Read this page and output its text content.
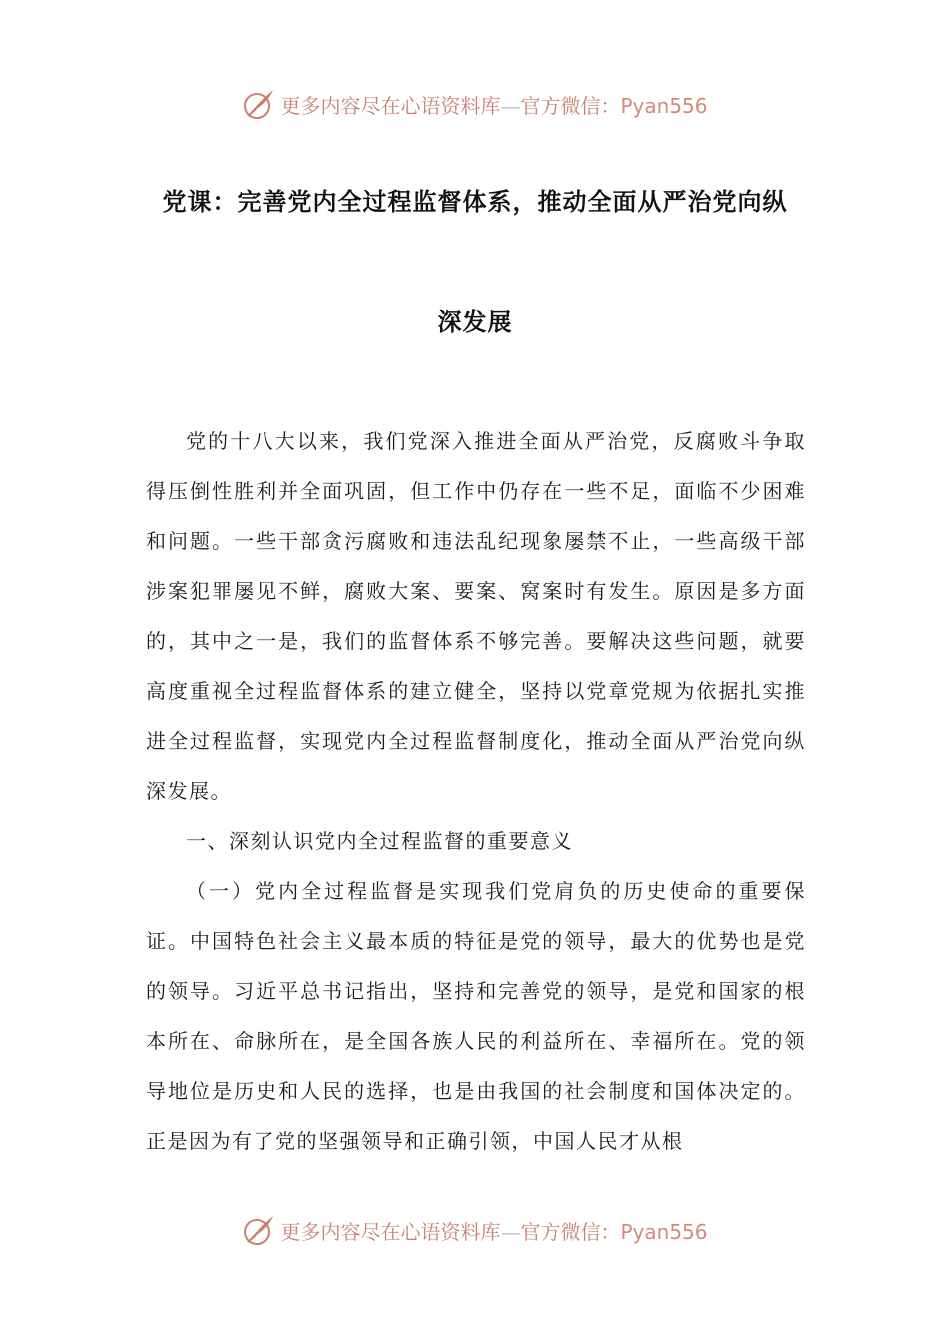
更多内容尽在心语资料库—官方微信：Pyan556
党课：完善党内全过程监督体系，推动全面从严治党向纵
深发展

党的十八大以来，我们党深入推进全面从严治党，反腐败斗争取得压倒性胜利并全面巩固，但工作中仍存在一些不足，面临不少困难和问题。一些干部贪污腐败和违法乱纪现象屡禁不止，一些高级干部涉案犯罪屡见不鲜，腐败大案、要案、窝案时有发生。原因是多方面的，其中之一是，我们的监督体系不够完善。要解决这些问题，就要高度重视全过程监督体系的建立健全，坚持以党章党规为依据扎实推进全过程监督，实现党内全过程监督制度化，推动全面从严治党向纵深发展。

一、深刻认识党内全过程监督的重要意义

（一）党内全过程监督是实现我们党肩负的历史使命的重要保证。中国特色社会主义最本质的特征是党的领导，最大的优势也是党的领导。习近平总书记指出，坚持和完善党的领导，是党和国家的根本所在、命脉所在，是全国各族人民的利益所在、幸福所在。党的领导地位是历史和人民的选择，也是由我国的社会制度和国体决定的。正是因为有了党的坚强领导和正确引领，中国人民才从根

更多内容尽在心语资料库—官方微信：Pyan556
